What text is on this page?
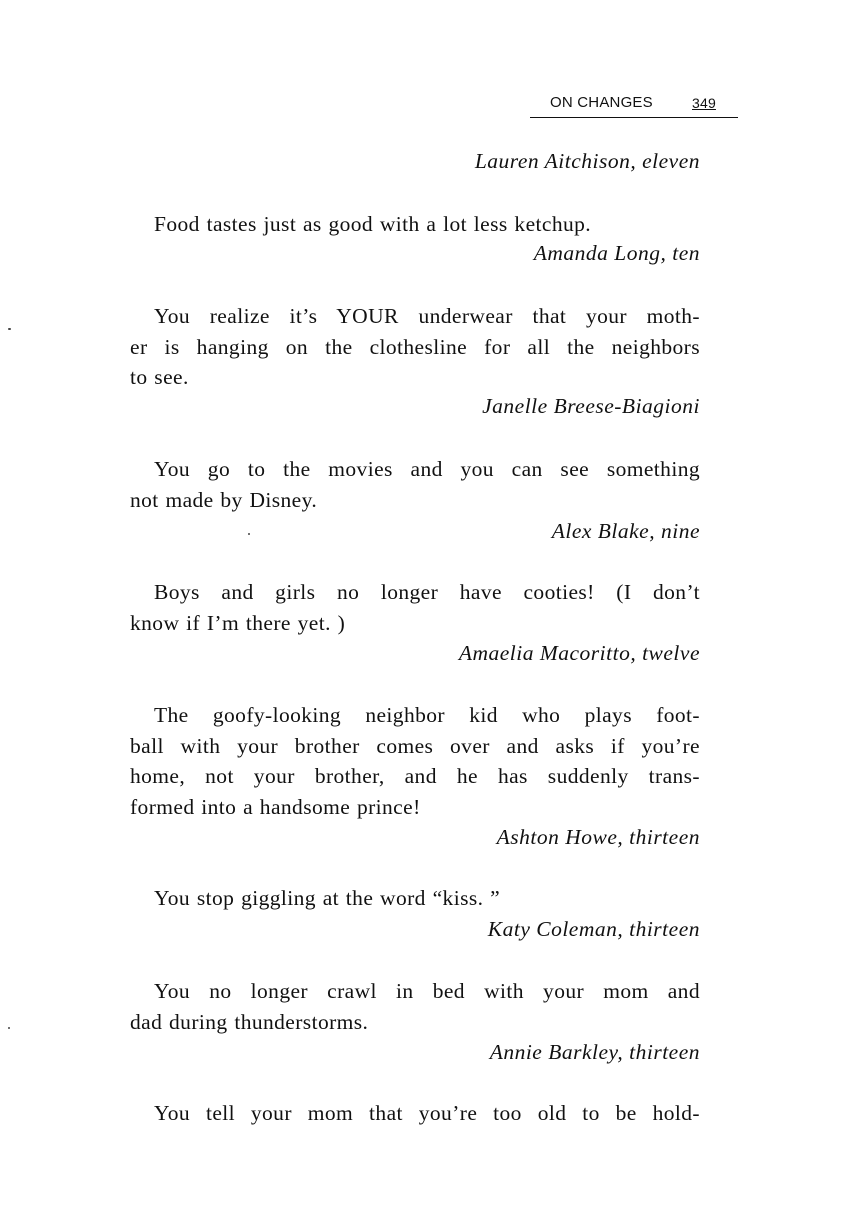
ON CHANGES	349
Lauren Aitchison, eleven
Food tastes just as good with a lot less ketchup.
Amanda Long, ten
You realize it’s YOUR underwear that your moth-
er is hanging on the clothesline for all the neighbors
to see.
Janelle Breese-Biagioni
You go to the movies and you can see something
not made by Disney.
Alex Blake, nine
Boys and girls no longer have cooties! (I don’t
know if I’m there yet. )
Amaelia Macoritto, twelve
The goofy-looking neighbor kid who plays foot-
ball with your brother comes over and asks if you’re
home, not your brother, and he has suddenly trans-
formed into a handsome prince!
Ashton Howe, thirteen
You stop giggling at the word “kiss. ”
Katy Coleman, thirteen
You no longer crawl in bed with your mom and
dad during thunderstorms.
Annie Barkley, thirteen
You tell your mom that you’re too old to be hold-
